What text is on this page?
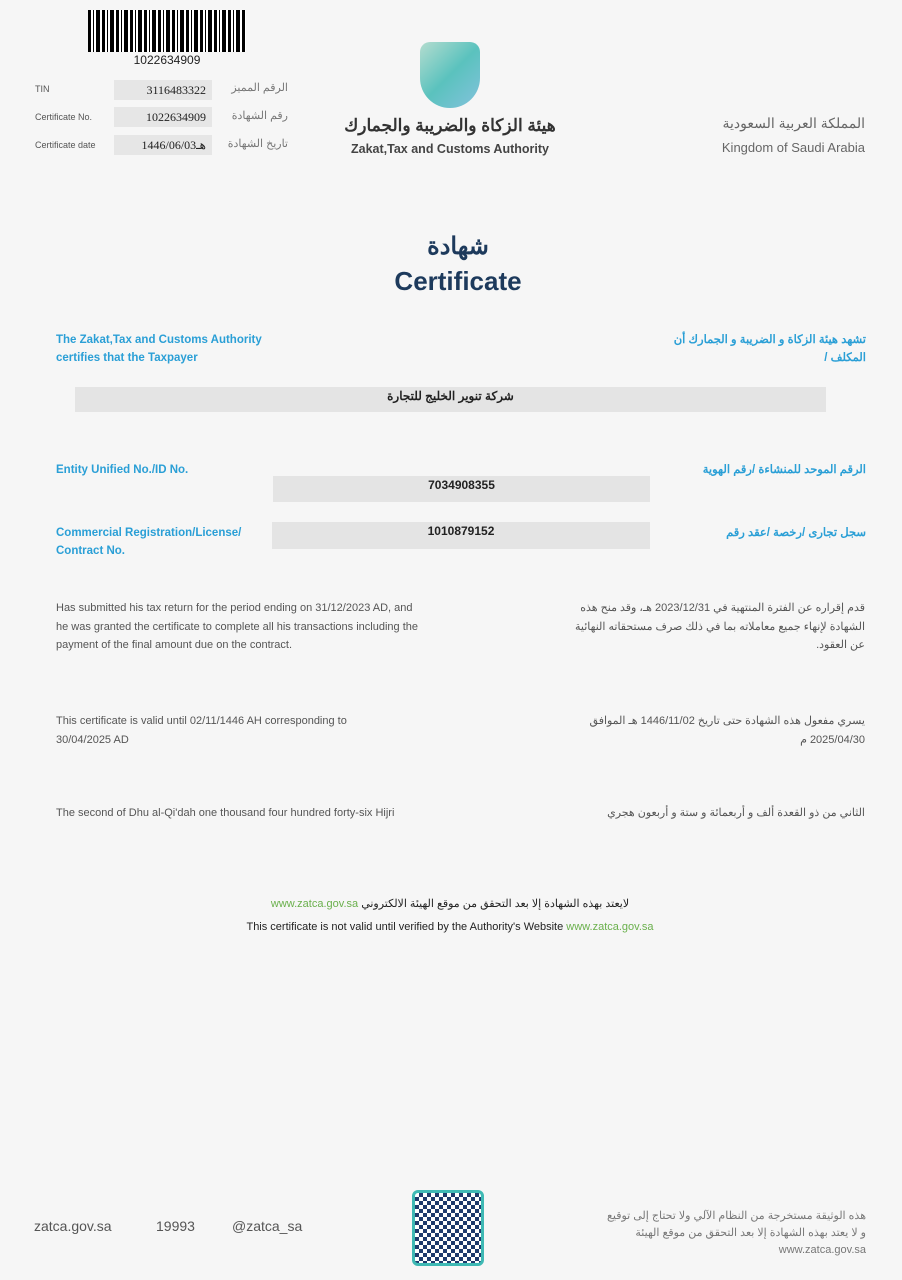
1022634909
TIN	3116483322	الرقم المميز
Certificate No.	1022634909	رقم الشهادة
Certificate date	1446/06/03هـ	تاريخ الشهادة
هيئة الزكاة والضريبة والجمارك
Zakat,Tax and Customs Authority
المملكة العربية السعودية
Kingdom of Saudi Arabia
شهادة
Certificate
The Zakat,Tax and Customs Authority certifies that the Taxpayer
تشهد هيئة الزكاة و الضريبة و الجمارك أن المكلف /
شركة تنوير الخليج للتجارة
Entity Unified No./ID No.	الرقم الموحد للمنشاءة /رقم الهوية
7034908355
Commercial Registration/License/ Contract No.
سجل تجارى /رخصة /عقد رقم
1010879152
Has submitted his tax return for the period ending on 31/12/2023 AD, and he was granted the certificate to complete all his transactions including the payment of the final amount due on the contract.
قدم إقراره عن الفترة المنتهية في 2023/12/31 هـ، وقد منح هذه الشهادة لإنهاء جميع معاملاته بما في ذلك صرف مستحقاته النهائية عن العقود.
This certificate is valid until 02/11/1446 AH corresponding to 30/04/2025 AD
يسري مفعول هذه الشهادة حتى تاريخ 1446/11/02 هـ الموافق 2025/04/30 م
The second of Dhu al-Qi'dah one thousand four hundred forty-six Hijri	الثاني من ذو القعدة ألف و أربعمائة و ستة و أربعون هجري
www.zatca.gov.sa لايعتد بهذه الشهادة إلا بعد التحقق من موقع الهيئة الالكتروني
This certificate is not valid until verified by the Authority's Website www.zatca.gov.sa
zatca.gov.sa	19993	@zatca_sa
هذه الوثيقة مستخرجة من النظام الآلي ولا تحتاج إلى توقيع
و لا يعتد بهذه الشهادة إلا بعد التحقق من موقع الهيئة
www.zatca.gov.sa
